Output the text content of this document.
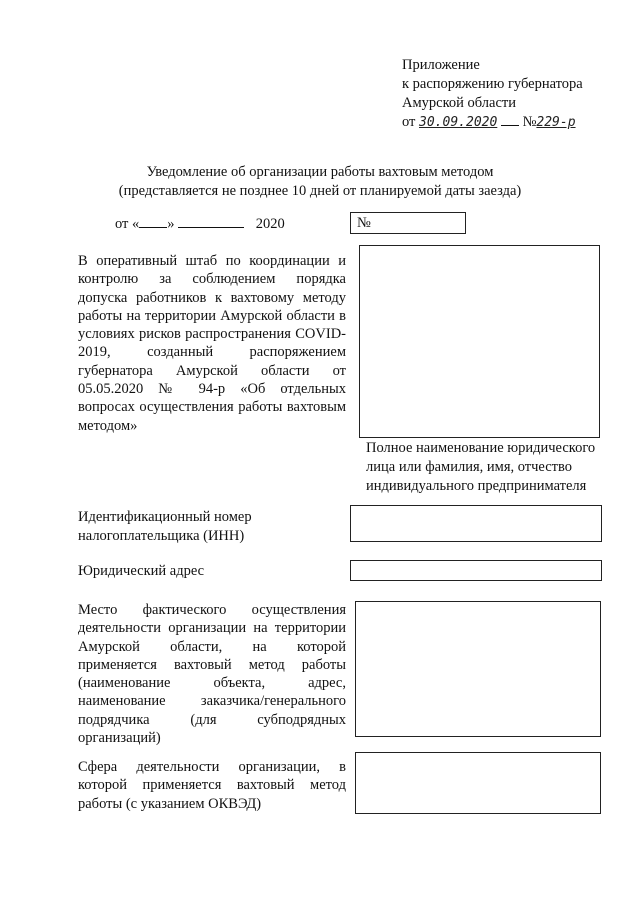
Приложение
к распоряжению губернатора
Амурской области
от 30.09.2020 №229-р
Уведомление об организации работы вахтовым методом
(представляется не позднее 10 дней от планируемой даты заезда)
от « »	2020	№
В оперативный штаб по координации и контролю за соблюдением порядка допуска работников к вахтовому методу работы на территории Амурской области в условиях рисков распространения COVID-2019, созданный распоряжением губернатора Амурской области от 05.05.2020 № 94-р «Об отдельных вопросах осуществления работы вахтовым методом»
Полное наименование юридического лица или фамилия, имя, отчество индивидуального предпринимателя
Идентификационный номер налогоплательщика (ИНН)
Юридический адрес
Место фактического осуществления деятельности организации на территории Амурской области, на которой применяется вахтовый метод работы (наименование объекта, адрес, наименование заказчика/генерального подрядчика (для субподрядных организаций)
Сфера деятельности организации, в которой применяется вахтовый метод работы (с указанием ОКВЭД)
